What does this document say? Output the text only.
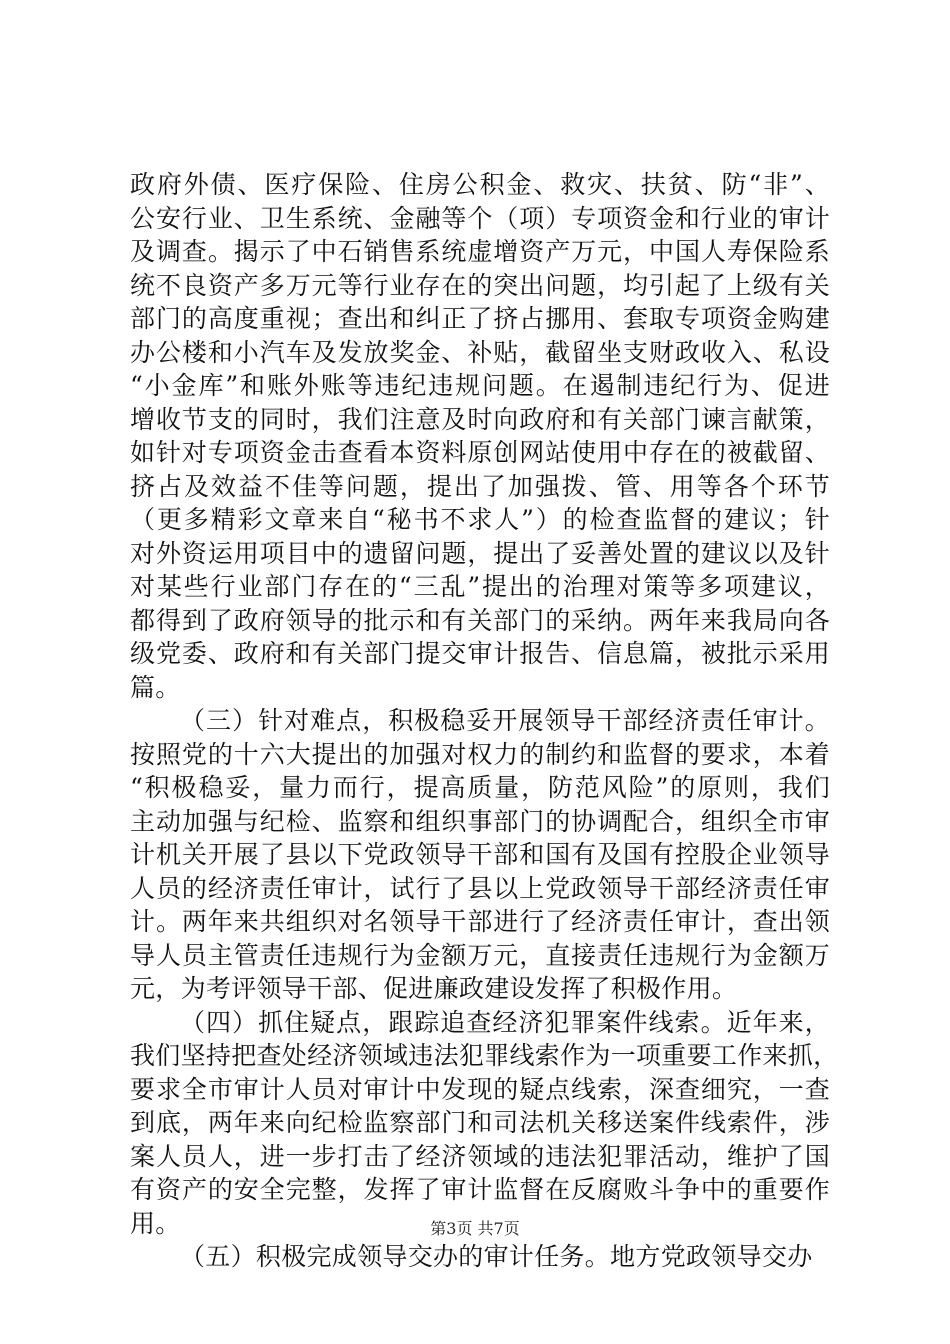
政府外债、医疗保险、住房公积金、救灾、扶贫、防“非”、
公安行业、卫生系统、金融等个（项）专项资金和行业的审计
及调查。揭示了中石销售系统虚增资产万元，中国人寿保险系
统不良资产多万元等行业存在的突出问题，均引起了上级有关
部门的高度重视；查出和纠正了挤占挪用、套取专项资金购建
办公楼和小汽车及发放奖金、补贴，截留坐支财政收入、私设
“小金库”和账外账等违纪违规问题。在遏制违纪行为、促进
增收节支的同时，我们注意及时向政府和有关部门谏言献策，
如针对专项资金击查看本资料原创网站使用中存在的被截留、
挤占及效益不佳等问题，提出了加强拨、管、用等各个环节
（更多精彩文章来自“秘书不求人”）的检查监督的建议；针
对外资运用项目中的遗留问题，提出了妥善处置的建议以及针
对某些行业部门存在的“三乱”提出的治理对策等多项建议，
都得到了政府领导的批示和有关部门的采纳。两年来我局向各
级党委、政府和有关部门提交审计报告、信息篇，被批示采用
篇。
（三）针对难点，积极稳妥开展领导干部经济责任审计。
按照党的十六大提出的加强对权力的制约和监督的要求，本着
“积极稳妥，量力而行，提高质量，防范风险”的原则，我们
主动加强与纪检、监察和组织事部门的协调配合，组织全市审
计机关开展了县以下党政领导干部和国有及国有控股企业领导
人员的经济责任审计，试行了县以上党政领导干部经济责任审
计。两年来共组织对名领导干部进行了经济责任审计，查出领
导人员主管责任违规行为金额万元，直接责任违规行为金额万
元，为考评领导干部、促进廉政建设发挥了积极作用。
（四）抓住疑点，跟踪追查经济犯罪案件线索。近年来，
我们坚持把查处经济领域违法犯罪线索作为一项重要工作来抓，
要求全市审计人员对审计中发现的疑点线索，深查细究，一查
到底，两年来向纪检监察部门和司法机关移送案件线索件，涉
案人员人，进一步打击了经济领域的违法犯罪活动，维护了国
有资产的安全完整，发挥了审计监督在反腐败斗争中的重要作
用。
（五）积极完成领导交办的审计任务。地方党政领导交办
第3页 共7页
